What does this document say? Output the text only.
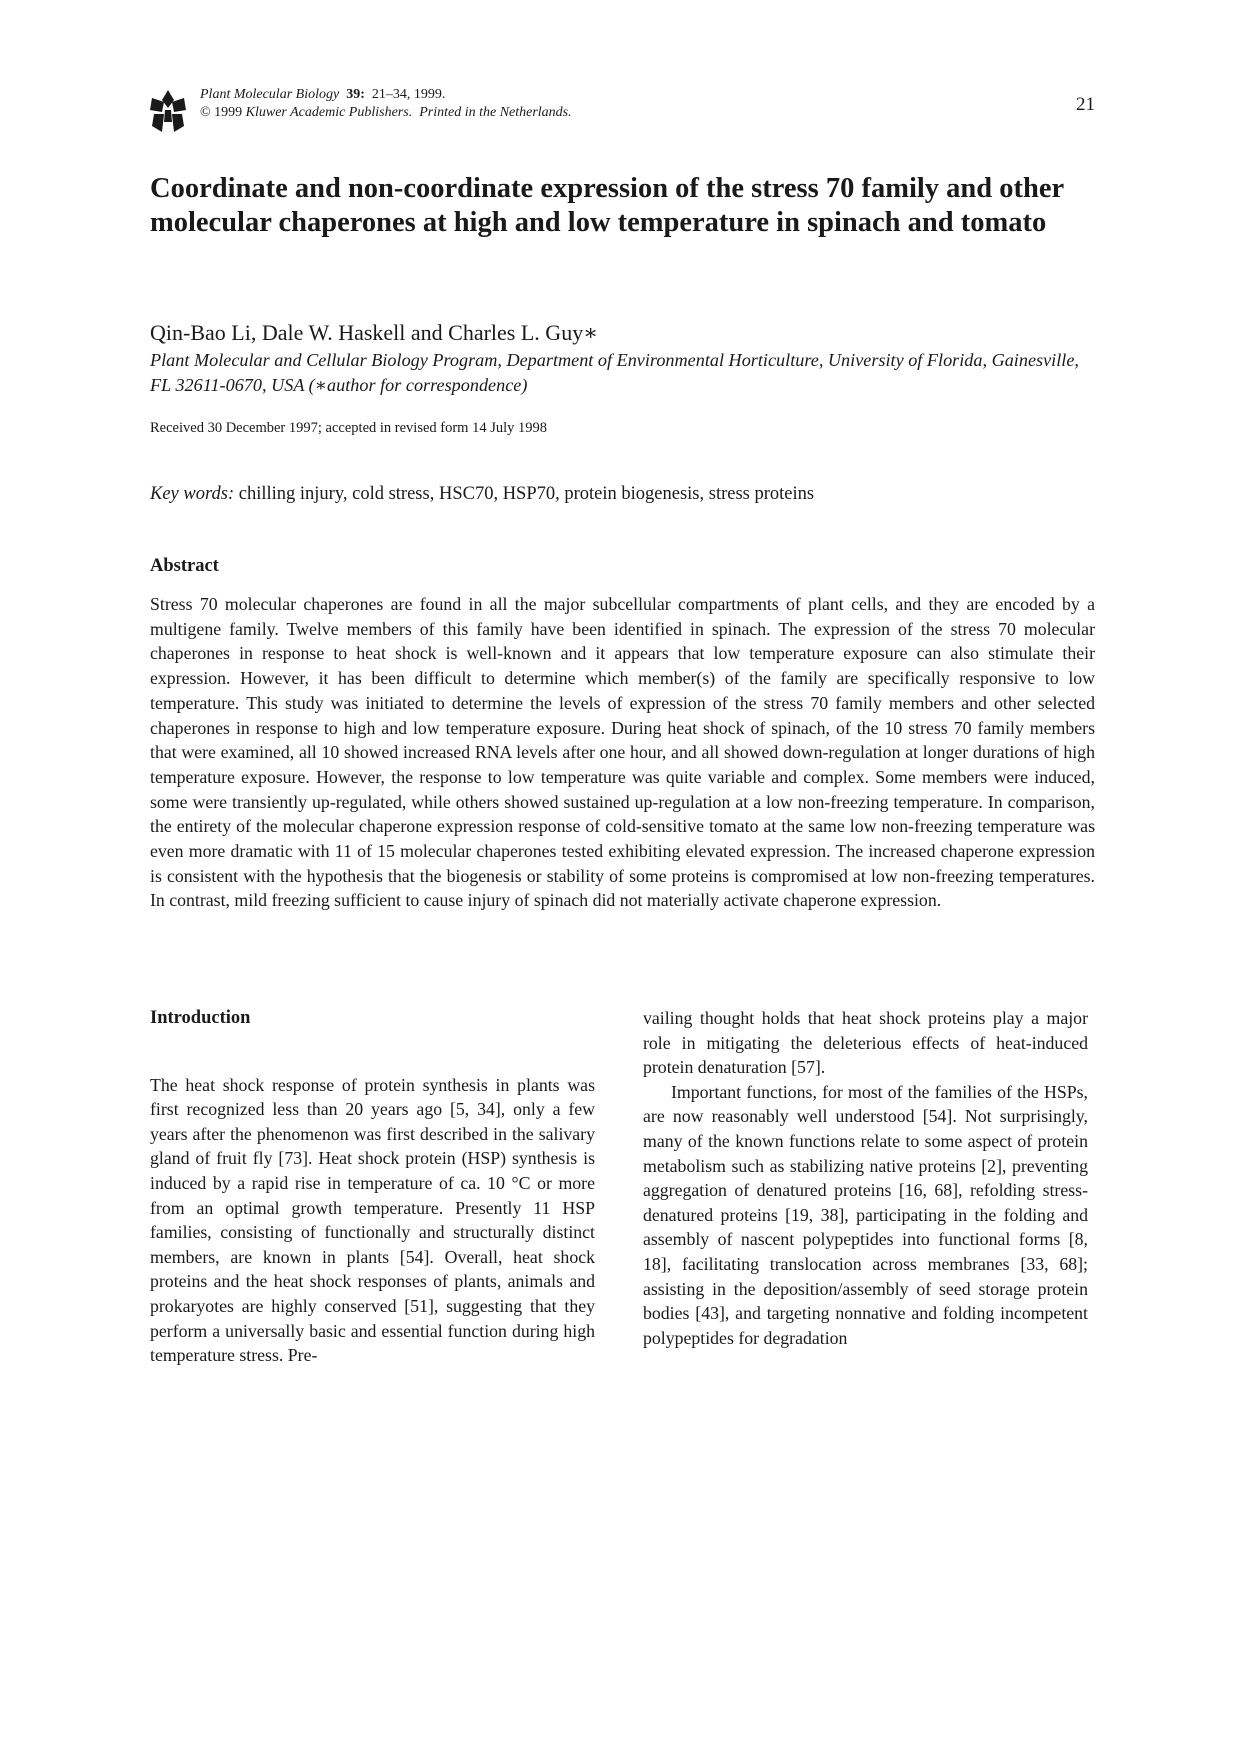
Plant Molecular Biology 39: 21–34, 1999.
© 1999 Kluwer Academic Publishers. Printed in the Netherlands.	21
Coordinate and non-coordinate expression of the stress 70 family and other molecular chaperones at high and low temperature in spinach and tomato
Qin-Bao Li, Dale W. Haskell and Charles L. Guy∗
Plant Molecular and Cellular Biology Program, Department of Environmental Horticulture, University of Florida, Gainesville, FL 32611-0670, USA (∗author for correspondence)
Received 30 December 1997; accepted in revised form 14 July 1998
Key words: chilling injury, cold stress, HSC70, HSP70, protein biogenesis, stress proteins
Abstract

Stress 70 molecular chaperones are found in all the major subcellular compartments of plant cells, and they are encoded by a multigene family. Twelve members of this family have been identified in spinach. The expression of the stress 70 molecular chaperones in response to heat shock is well-known and it appears that low temperature exposure can also stimulate their expression. However, it has been difficult to determine which member(s) of the family are specifically responsive to low temperature. This study was initiated to determine the levels of expression of the stress 70 family members and other selected chaperones in response to high and low temperature exposure. During heat shock of spinach, of the 10 stress 70 family members that were examined, all 10 showed increased RNA levels after one hour, and all showed down-regulation at longer durations of high temperature exposure. However, the response to low temperature was quite variable and complex. Some members were induced, some were transiently up-regulated, while others showed sustained up-regulation at a low non-freezing temperature. In comparison, the entirety of the molecular chaperone expression response of cold-sensitive tomato at the same low non-freezing temperature was even more dramatic with 11 of 15 molecular chaperones tested exhibiting elevated expression. The increased chaperone expression is consistent with the hypothesis that the biogenesis or stability of some proteins is compromised at low non-freezing temperatures. In contrast, mild freezing sufficient to cause injury of spinach did not materially activate chaperone expression.

Introduction

The heat shock response of protein synthesis in plants was first recognized less than 20 years ago [5, 34], only a few years after the phenomenon was first described in the salivary gland of fruit fly [73]. Heat shock protein (HSP) synthesis is induced by a rapid rise in temperature of ca. 10 °C or more from an optimal growth temperature. Presently 11 HSP families, consisting of functionally and structurally distinct members, are known in plants [54]. Overall, heat shock proteins and the heat shock responses of plants, animals and prokaryotes are highly conserved [51], suggesting that they perform a universally basic and essential function during high temperature stress. Pre-

vailing thought holds that heat shock proteins play a major role in mitigating the deleterious effects of heat-induced protein denaturation [57].

Important functions, for most of the families of the HSPs, are now reasonably well understood [54]. Not surprisingly, many of the known functions relate to some aspect of protein metabolism such as stabilizing native proteins [2], preventing aggregation of denatured proteins [16, 68], refolding stress-denatured proteins [19, 38], participating in the folding and assembly of nascent polypeptides into functional forms [8, 18], facilitating translocation across membranes [33, 68]; assisting in the deposition/assembly of seed storage protein bodies [43], and targeting nonnative and folding incompetent polypeptides for degradation
